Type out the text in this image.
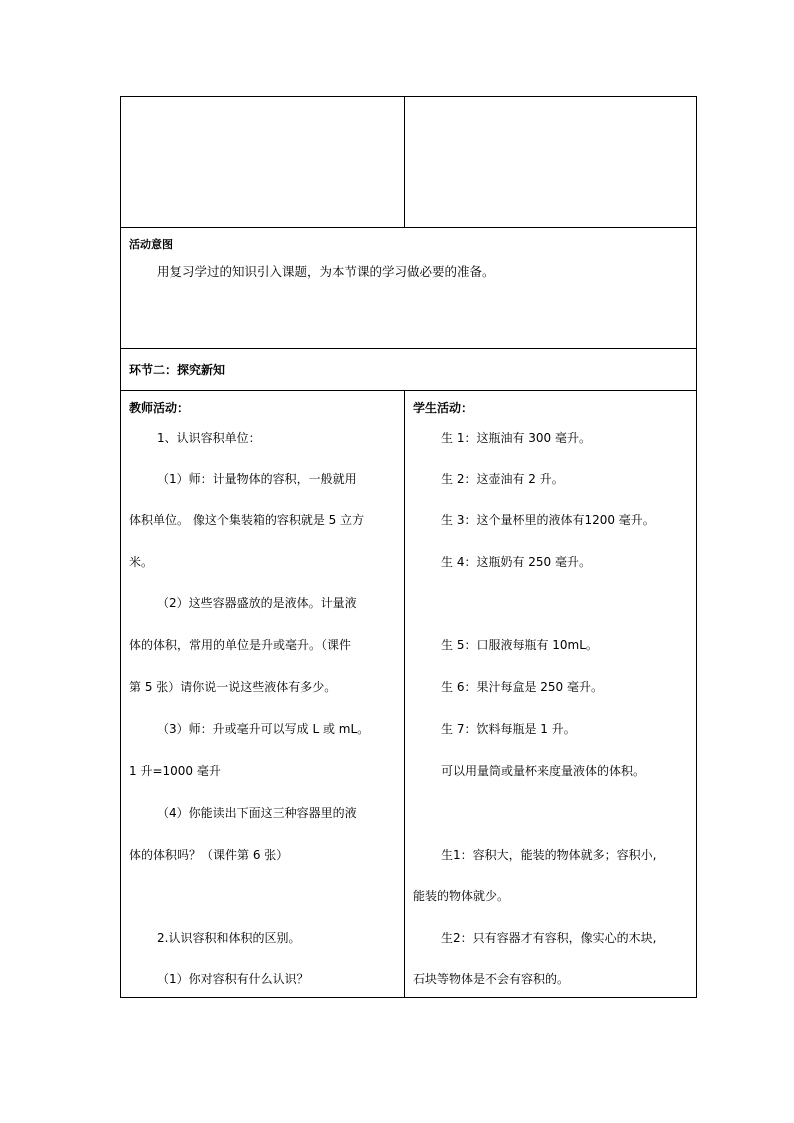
活动意图
用复习学过的知识引入课题，为本节课的学习做必要的准备。
环节二：探究新知
教师活动：
1、认识容积单位：
（1）师：计量物体的容积，一般就用
体积单位。 像这个集装箱的容积就是 5 立方
米。
（2）这些容器盛放的是液体。计量液
体的体积，常用的单位是升或毫升。（课件
第 5 张）请你说一说这些液体有多少。
（3）师：升或毫升可以写成 L 或 mL。
1 升=1000 毫升
（4）你能读出下面这三种容器里的液
体的体积吗？（课件第 6 张）
2.认识容积和体积的区别。
（1）你对容积有什么认识？
学生活动：
生 1：这瓶油有 300 毫升。
生 2：这壶油有 2 升。
生 3：这个量杯里的液体有1200 毫升。
生 4：这瓶奶有 250 毫升。
生 5：口服液每瓶有 10mL。
生 6：果汁每盒是 250 毫升。
生 7：饮料每瓶是 1 升。
可以用量筒或量杯来度量液体的体积。
生1：容积大，能装的物体就多；容积小,
能装的物体就少。
生2：只有容器才有容积，像实心的木块,
石块等物体是不会有容积的。
